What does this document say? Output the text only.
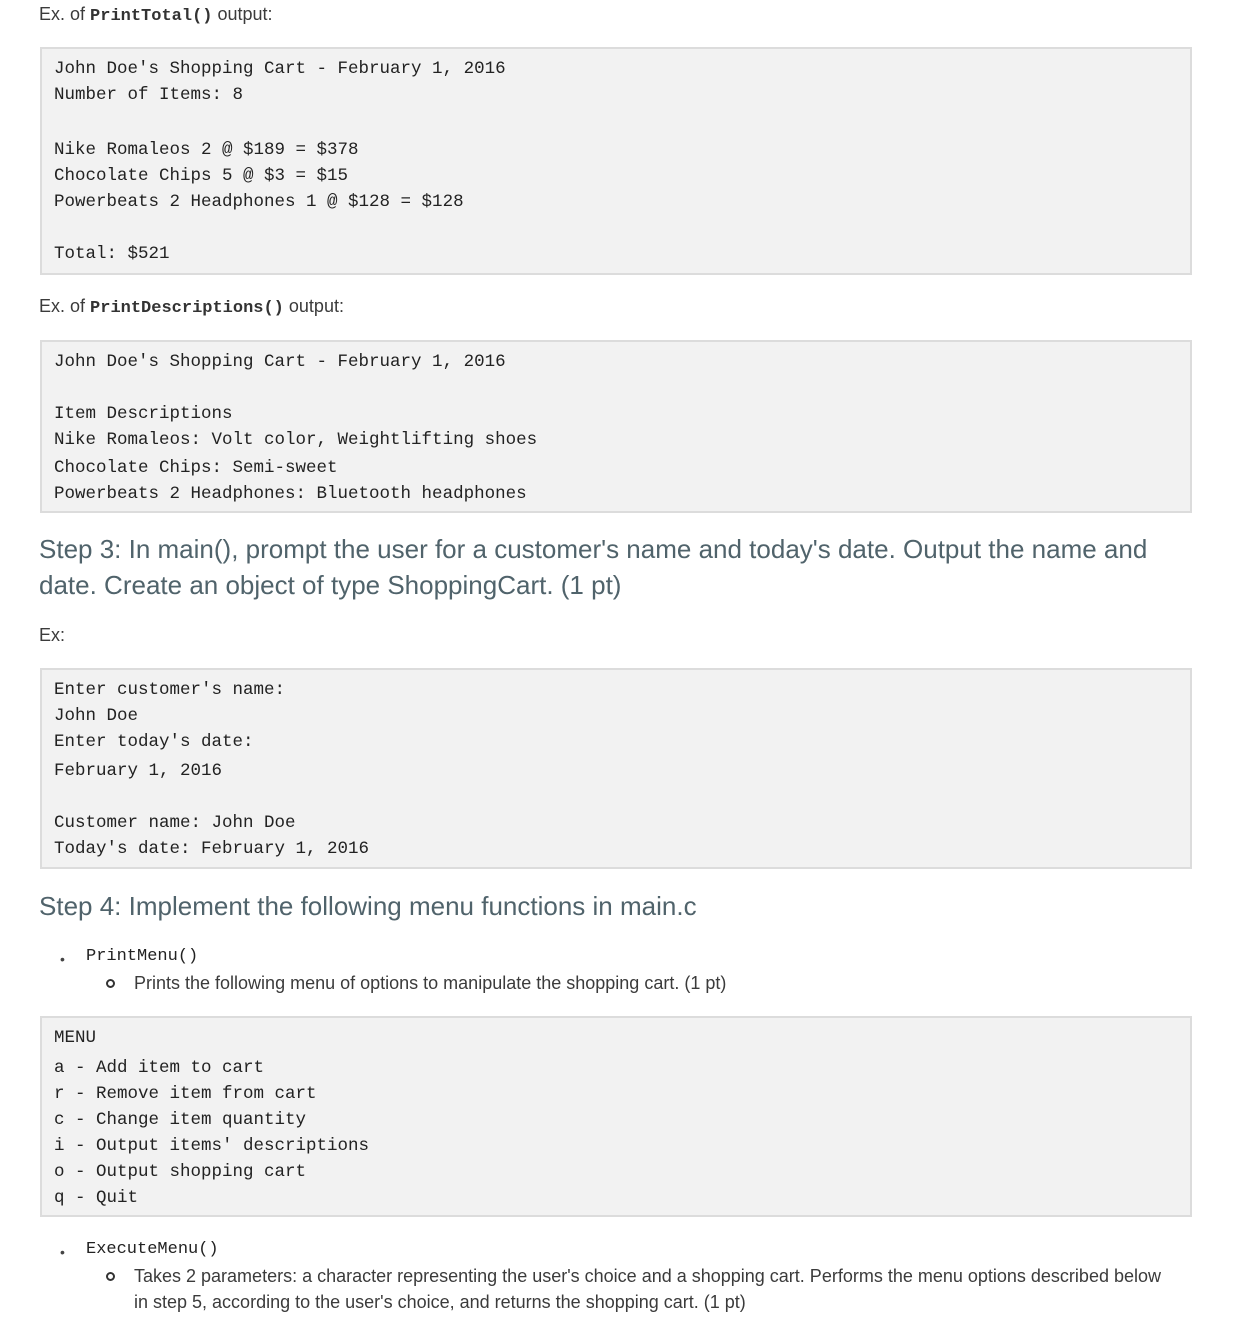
Ex. of PrintTotal() output:

John Doe's Shopping Cart - February 1, 2016
Number of Items: 8
Nike Romaleos 2 @ $189 = $378
Chocolate Chips 5 @ $3 = $15
Powerbeats 2 Headphones 1 @ $128 = $128
Total: $521

Ex. of PrintDescriptions() output:

John Doe's Shopping Cart - February 1, 2016
Item Descriptions
Nike Romaleos: Volt color, Weightlifting shoes
Chocolate Chips: Semi-sweet
Powerbeats 2 Headphones: Bluetooth headphones
Step 3: In main(), prompt the user for a customer's name and today's date. Output the name and date. Create an object of type ShoppingCart. (1 pt)

Ex:

Enter customer's name:
John Doe
Enter today's date:
February 1, 2016
Customer name: John Doe
Today's date: February 1, 2016
Step 4: Implement the following menu functions in main.c
• PrintMenu()

Prints the following menu of options to manipulate the shopping cart. (1 pt)

MENU
a - Add item to cart
r - Remove item from cart
c - Change item quantity
i - Output items' descriptions
o - Output shopping cart
q - Quit
• ExecuteMenu()

Takes 2 parameters: a character representing the user's choice and a shopping cart. Performs the menu options described below in step 5, according to the user's choice, and returns the shopping cart. (1 pt)
